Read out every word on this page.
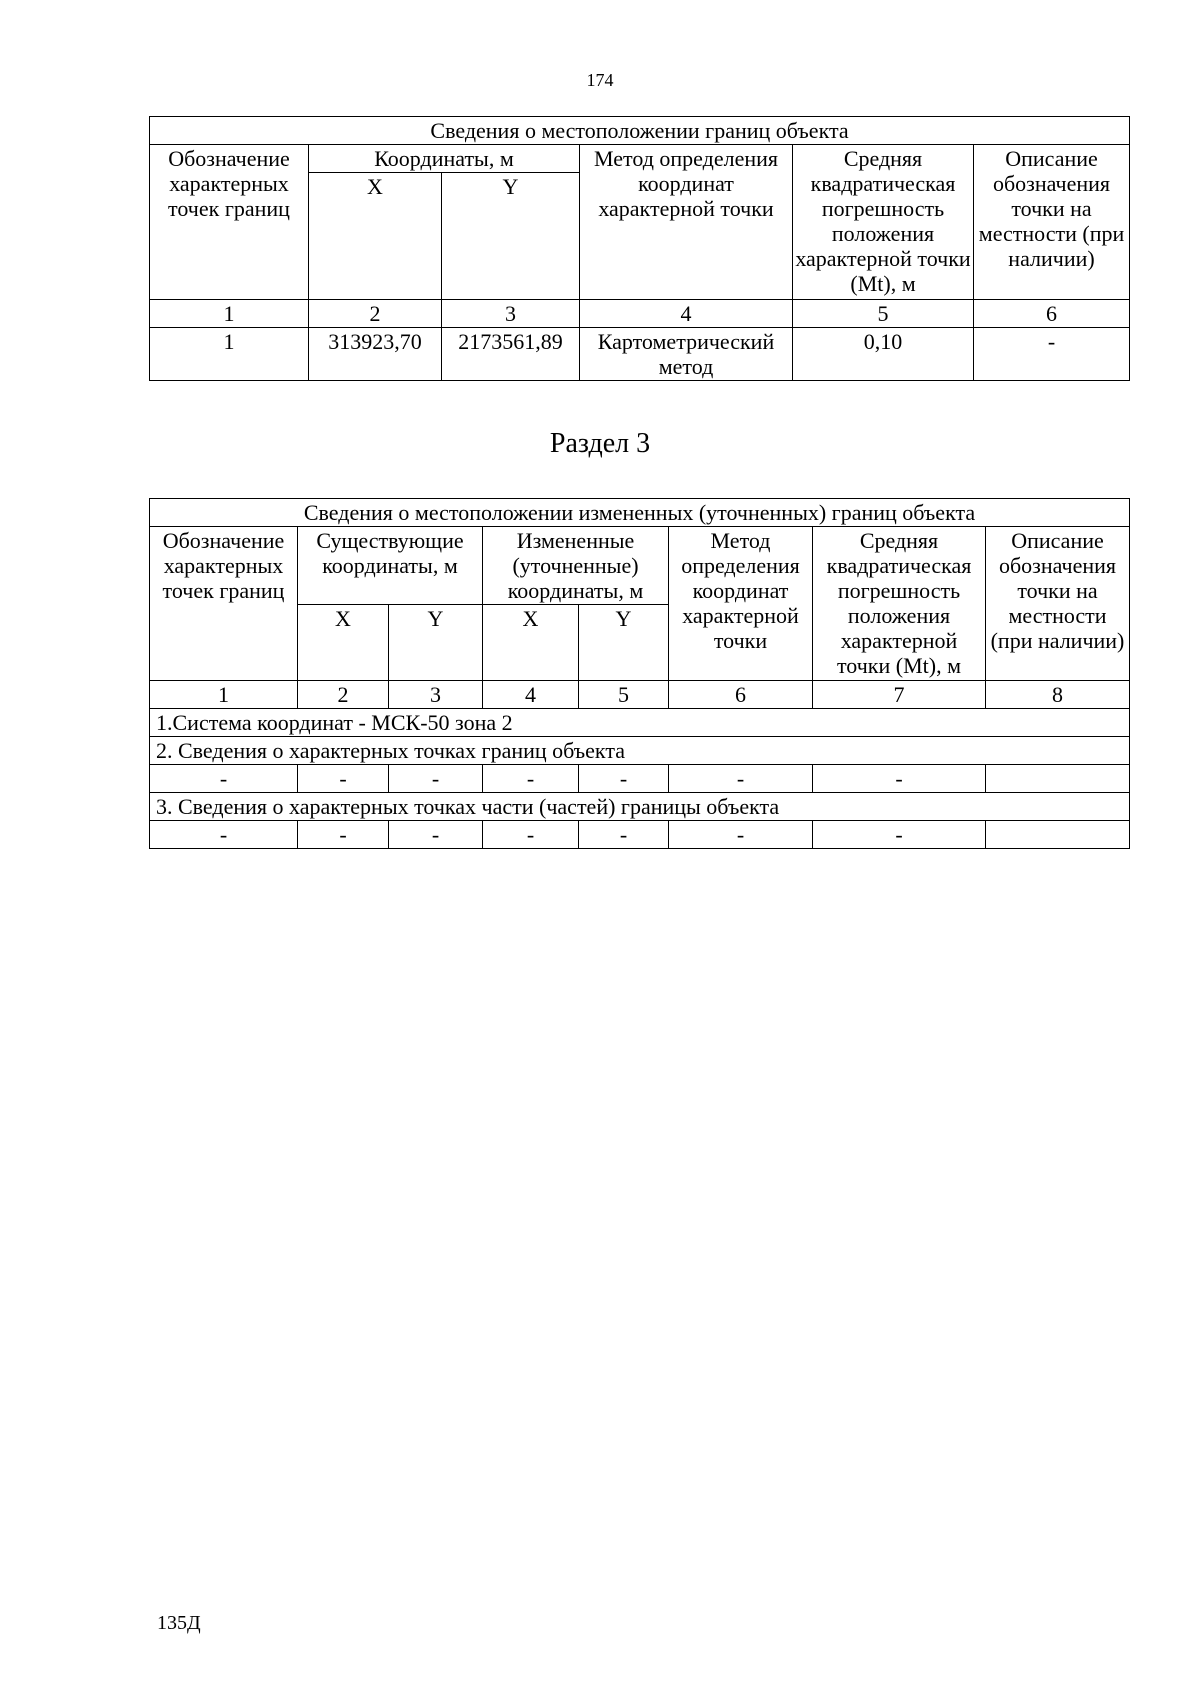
174
Сведения о местоположении границ объекта					
Обозначение характерных точек границ	Координаты, м		Метод определения координат характерной точки	Средняя квадратическая погрешность положения характерной точки (Mt), м	Описание обозначения точки на местности (при наличии)
	X	Y			
1	2	3	4	5	6
1	313923,70	2173561,89	Картометрический метод	0,10	-
Раздел 3
Сведения о местоположении измененных (уточненных) границ объекта							
Обозначение характерных точек границ	Существующие координаты, м		Измененные (уточненные) координаты, м		Метод определения координат характерной точки	Средняя квадратическая погрешность положения характерной точки (Mt), м	Описание обозначения точки на местности (при наличии)
	X	Y	X	Y			
1	2	3	4	5	6	7	8
1.Система координат - МСК-50 зона 2							
2. Сведения о характерных точках границ объекта							
-	-	-	-	-	-	-	
3. Сведения о характерных точках части (частей) границы объекта							
-	-	-	-	-	-	-	
135Д
